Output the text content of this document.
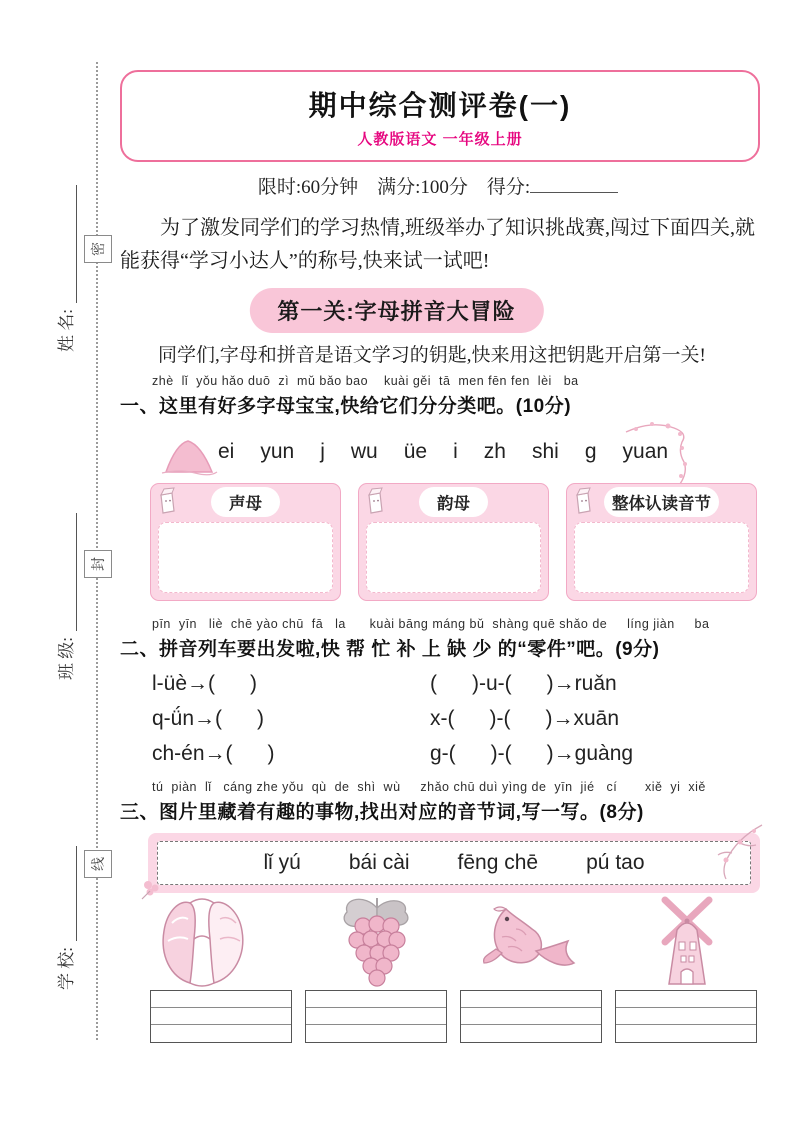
密
封
线
姓 名:
班 级:
学 校:
期中综合测评卷(一)
人教版语文 一年级上册
限时:60分钟 满分:100分 得分:
为了激发同学们的学习热情,班级举办了知识挑战赛,闯过下面四关,就能获得“学习小达人”的称号,快来试一试吧!
第一关:字母拼音大冒险
同学们,字母和拼音是语文学习的钥匙,快来用这把钥匙开启第一关!
zhè  lǐ  yǒu hǎo duō  zì  mǔ bǎo bao    kuài gěi  tā  men fēn fen  lèi   ba
一、这里有好多字母宝宝,快给它们分分类吧。(10分)
ei yun j wu üe i zh shi g yuan
声母	韵母	整体认读音节
pīn  yīn   liè  chē yào chū  fā   la      kuài bāng máng bǔ  shàng quē shǎo de     líng jiàn     ba
二、拼音列车要出发啦,快 帮 忙 补 上 缺 少 的“零件”吧。(9分)
l-üè→(      )	(      )-u-(      )→ruǎn
q-ǘn→(      )	x-(      )-(      )→xuān
ch-én→(      )	g-(      )-(      )→guàng
tú  piàn  lǐ   cáng zhe yǒu  qù  de  shì  wù     zhǎo chū duì yìng de  yīn  jié   cí       xiě  yi  xiě
三、图片里藏着有趣的事物,找出对应的音节词,写一写。(8分)
lǐ yú bái cài fēng chē pú tao
